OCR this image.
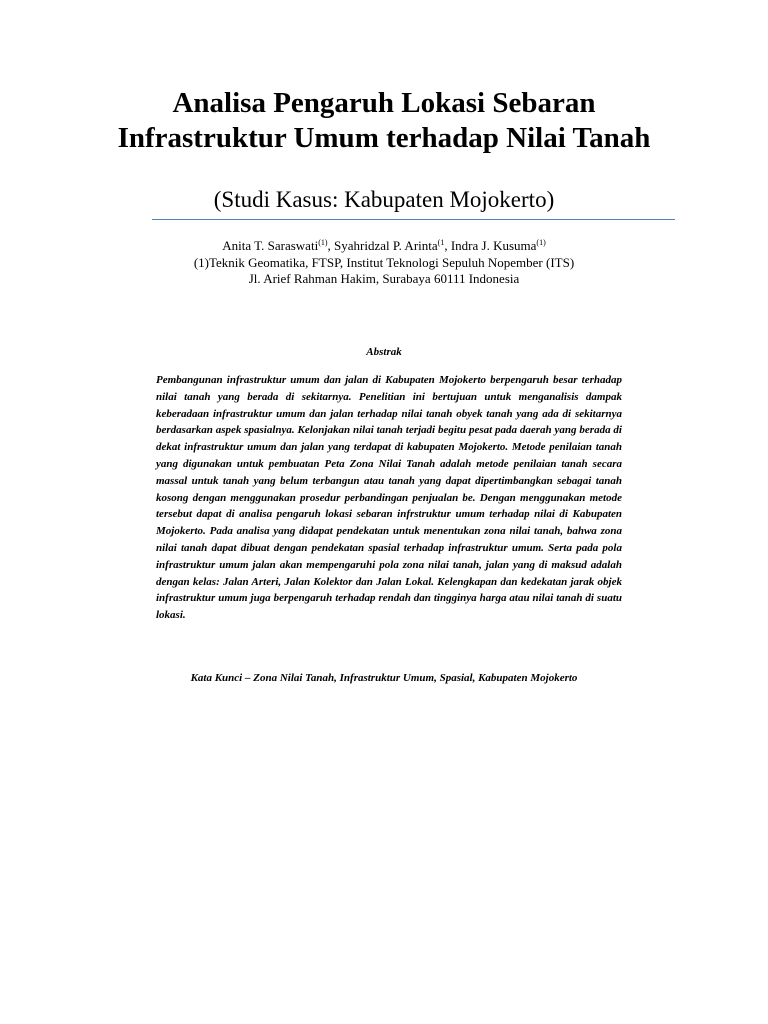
Analisa Pengaruh Lokasi Sebaran Infrastruktur Umum terhadap Nilai Tanah
(Studi Kasus: Kabupaten Mojokerto)
Anita T. Saraswati$^{(1)}$, Syahridzal P. Arinta$^{(1}$, Indra J. Kusuma$^{(1)}$
(1)Teknik Geomatika, FTSP, Institut Teknologi Sepuluh Nopember (ITS)
Jl. Arief Rahman Hakim, Surabaya 60111 Indonesia
Abstrak

Pembangunan infrastruktur umum dan jalan di Kabupaten Mojokerto berpengaruh besar terhadap nilai tanah yang berada di sekitarnya. Penelitian ini bertujuan untuk menganalisis dampak keberadaan infrastruktur umum dan jalan terhadap nilai tanah obyek tanah yang ada di sekitarnya berdasarkan aspek spasialnya. Kelonjakan nilai tanah terjadi begitu pesat pada daerah yang berada di dekat infrastruktur umum dan jalan yang terdapat di kabupaten Mojokerto. Metode penilaian tanah yang digunakan untuk pembuatan Peta Zona Nilai Tanah adalah metode penilaian tanah secara massal untuk tanah yang belum terbangun atau tanah yang dapat dipertimbangkan sebagai tanah kosong dengan menggunakan prosedur perbandingan penjualan be. Dengan menggunakan metode tersebut dapat di analisa pengaruh lokasi sebaran infrstruktur umum terhadap nilai di Kabupaten Mojokerto. Pada analisa yang didapat pendekatan untuk menentukan zona nilai tanah, bahwa zona nilai tanah dapat dibuat dengan pendekatan spasial terhadap infrastruktur umum. Serta pada pola infrastruktur umum jalan akan mempengaruhi pola zona nilai tanah, jalan yang di maksud adalah dengan kelas: Jalan Arteri, Jalan Kolektor dan Jalan Lokal. Kelengkapan dan kedekatan jarak objek infrastruktur umum juga berpengaruh terhadap rendah dan tingginya harga atau nilai tanah di suatu lokasi.

Kata Kunci – Zona Nilai Tanah, Infrastruktur Umum, Spasial, Kabupaten Mojokerto
